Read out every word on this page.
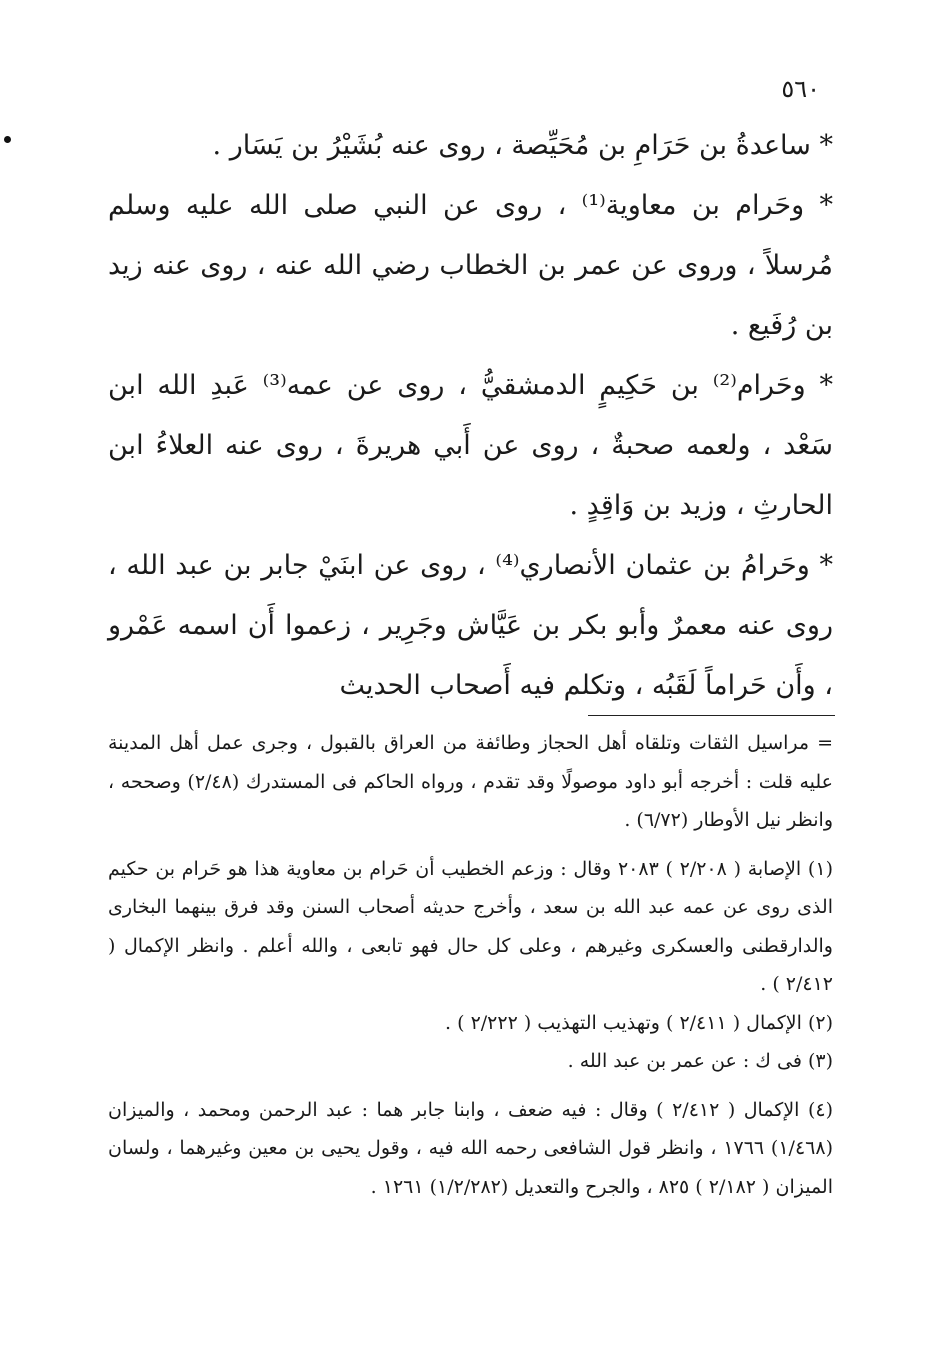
٥٦٠

* ساعدةُ بن حَرَامِ بن مُحَيِّصة ، روى عنه بُشَيْرُ بن يَسَار .

* وحَرام بن معاوية⁽¹⁾ ، روى عن النبي صلى الله عليه وسلم مُرسلاً ، وروى عن عمر بن الخطاب رضي الله عنه ، روى عنه زيد بن رُفَيع .

* وحَرام⁽²⁾ بن حَكِيمٍ الدمشقيُّ ، روى عن عمه⁽³⁾ عَبدِ الله ابن سَعْد ، ولعمه صحبةٌ ، روى عن أَبي هريرةَ ، روى عنه العلاءُ ابن الحارثِ ، وزيد بن وَاقِدٍ .

* وحَرامُ بن عثمان الأنصاري⁽⁴⁾ ، روى عن ابنَيْ جابر بن عبد الله ، روى عنه معمرٌ وأبو بكر بن عَيَّاش وجَرِير ، زعموا أَن اسمه عَمْرو ، وأَن حَراماً لَقَبُه ، وتكلم فيه أَصحاب الحديث

= مراسيل الثقات وتلقاه أهل الحجاز وطائفة من العراق بالقبول ، وجرى عمل أهل المدينة عليه قلت : أخرجه أبو داود موصولًا وقد تقدم ، ورواه الحاكم فى المستدرك (٢/٤٨) وصححه ، وانظر نيل الأوطار (٦/٧٢) .

(١) الإصابة ( ٢/٢٠٨ ) ٢٠٨٣ وقال : وزعم الخطيب أن حَرام بن معاوية هذا هو حَرام بن حكيم الذى روى عن عمه عبد الله بن سعد ، وأخرج حديثه أصحاب السنن وقد فرق بينهما البخارى والدارقطنى والعسكرى وغيرهم ، وعلى كل حال فهو تابعى ، والله أعلم . وانظر الإكمال ( ٢/٤١٢ ) .

(٢) الإكمال ( ٢/٤١١ ) وتهذيب التهذيب ( ٢/٢٢٢ ) .

(٣) فى ك : عن عمر بن عبد الله .

(٤) الإكمال ( ٢/٤١٢ ) وقال : فيه ضعف ، وابنا جابر هما : عبد الرحمن ومحمد ، والميزان (١/٤٦٨) ١٧٦٦ ، وانظر قول الشافعى رحمه الله فيه ، وقول يحيى بن معين وغيرهما ، ولسان الميزان ( ٢/١٨٢ ) ٨٢٥ ، والجرح والتعديل (١/٢/٢٨٢) ١٢٦١ .
